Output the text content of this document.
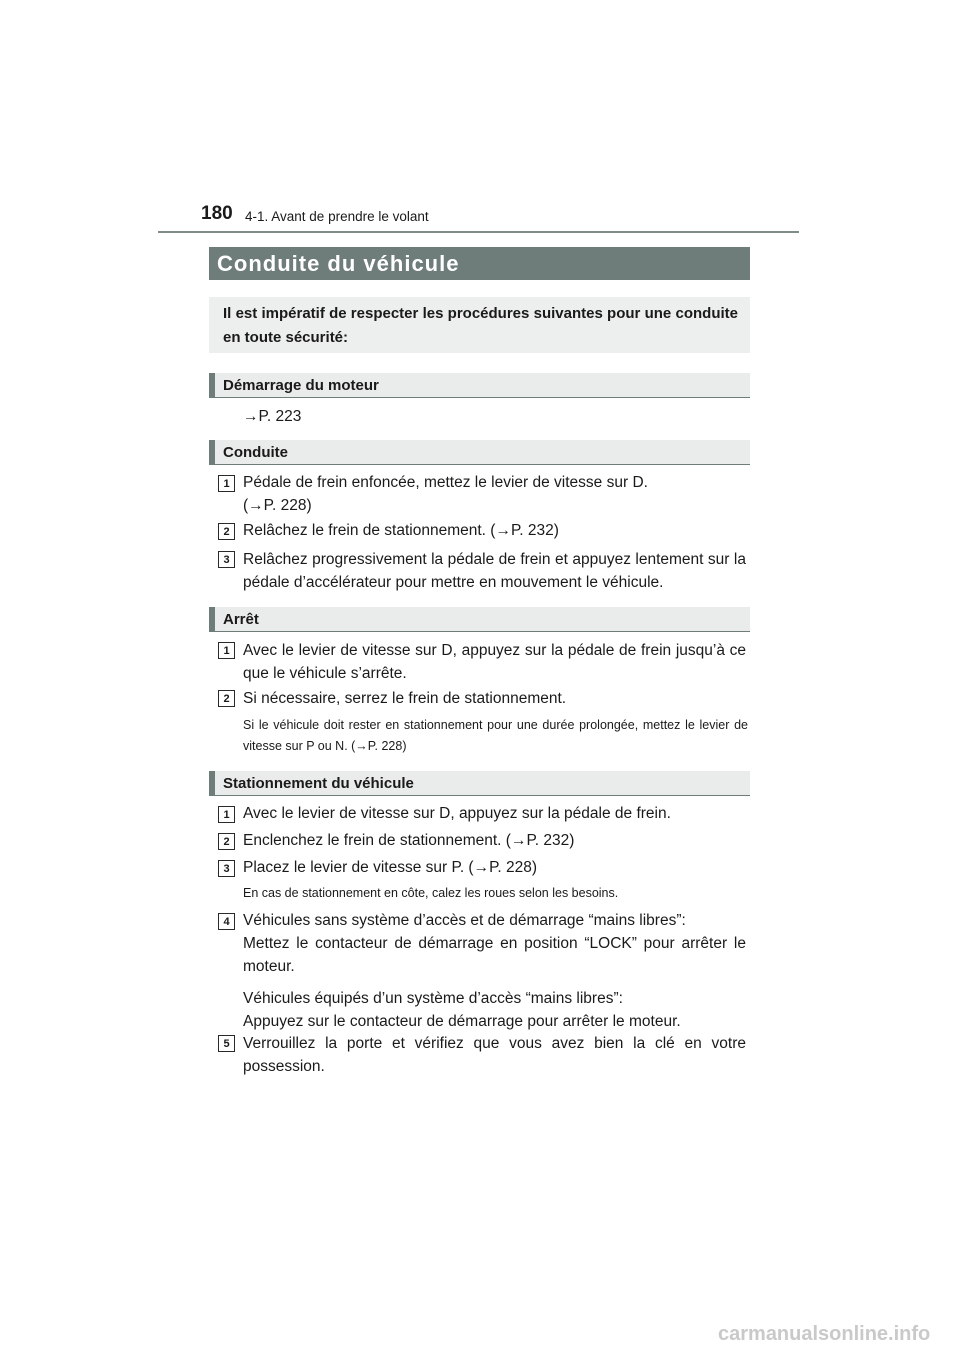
180 4-1. Avant de prendre le volant
Conduite du véhicule
Il est impératif de respecter les procédures suivantes pour une conduite en toute sécurité:
Démarrage du moteur
→P. 223
Conduite
1 Pédale de frein enfoncée, mettez le levier de vitesse sur D.
(→P. 228)
2 Relâchez le frein de stationnement. (→P. 232)
3 Relâchez progressivement la pédale de frein et appuyez lentement sur la pédale d’accélérateur pour mettre en mouvement le véhicule.
Arrêt
1 Avec le levier de vitesse sur D, appuyez sur la pédale de frein jusqu’à ce que le véhicule s’arrête.
2 Si nécessaire, serrez le frein de stationnement.
Si le véhicule doit rester en stationnement pour une durée prolongée, mettez le levier de vitesse sur P ou N. (→P. 228)
Stationnement du véhicule
1 Avec le levier de vitesse sur D, appuyez sur la pédale de frein.
2 Enclenchez le frein de stationnement. (→P. 232)
3 Placez le levier de vitesse sur P. (→P. 228)
En cas de stationnement en côte, calez les roues selon les besoins.
4 Véhicules sans système d’accès et de démarrage “mains libres”:
Mettez le contacteur de démarrage en position “LOCK” pour arrêter le moteur.
Véhicules équipés d’un système d’accès “mains libres”:
Appuyez sur le contacteur de démarrage pour arrêter le moteur.
5 Verrouillez la porte et vérifiez que vous avez bien la clé en votre possession.
carmanualsonline.info
